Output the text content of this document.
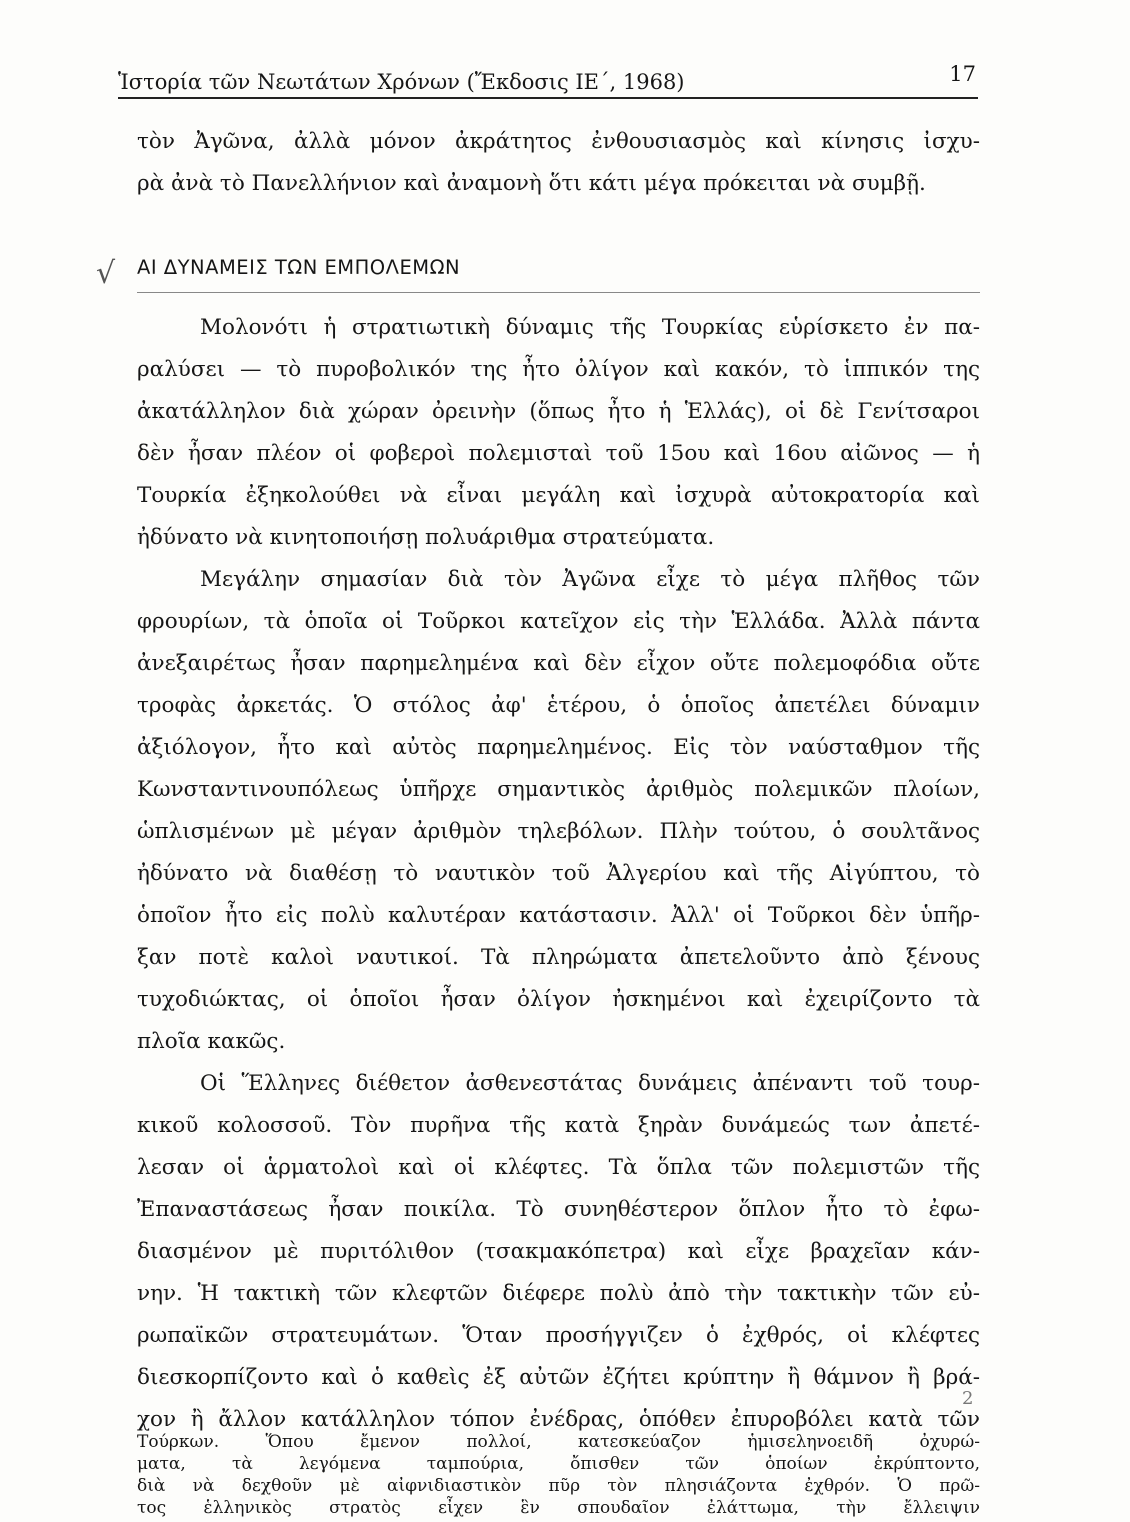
Ἱστορία τῶν Νεωτάτων Χρόνων (Ἔκδοσις ΙΕ΄, 1968)	17
τὸν Ἀγῶνα, ἀλλὰ μόνον ἀκράτητος ἐνθουσιασμὸς καὶ κίνησις ἰσχυ-
ρὰ ἀνὰ τὸ Πανελλήνιον καὶ ἀναμονὴ ὅτι κάτι μέγα πρόκειται νὰ συμβῇ.
√ ΑΙ ΔΥΝΑΜΕΙΣ ΤΩΝ ΕΜΠΟΛΕΜΩΝ
Μολονότι ἡ στρατιωτικὴ δύναμις τῆς Τουρκίας εὑρίσκετο ἐν πα-
ραλύσει — τὸ πυροβολικόν της ἦτο ὀλίγον καὶ κακόν, τὸ ἱππικόν της
ἀκατάλληλον διὰ χώραν ὀρεινὴν (ὅπως ἦτο ἡ Ἑλλάς), οἱ δὲ Γενίτσαροι
δὲν ἦσαν πλέον οἱ φοβεροὶ πολεμισταὶ τοῦ 15ου καὶ 16ου αἰῶνος — ἡ
Τουρκία ἐξηκολούθει νὰ εἶναι μεγάλη καὶ ἰσχυρὰ αὐτοκρατορία καὶ
ἠδύνατο νὰ κινητοποιήσῃ πολυάριθμα στρατεύματα.
Μεγάλην σημασίαν διὰ τὸν Ἀγῶνα εἶχε τὸ μέγα πλῆθος τῶν
φρουρίων, τὰ ὁποῖα οἱ Τοῦρκοι κατεῖχον εἰς τὴν Ἑλλάδα. Ἀλλὰ πάντα
ἀνεξαιρέτως ἦσαν παρημελημένα καὶ δὲν εἶχον οὔτε πολεμοφόδια οὔτε
τροφὰς ἀρκετάς. Ὁ στόλος ἀφ' ἑτέρου, ὁ ὁποῖος ἀπετέλει δύναμιν
ἀξιόλογον, ἦτο καὶ αὐτὸς παρημελημένος. Εἰς τὸν ναύσταθμον τῆς
Κωνσταντινουπόλεως ὑπῆρχε σημαντικὸς ἀριθμὸς πολεμικῶν πλοίων,
ὡπλισμένων μὲ μέγαν ἀριθμὸν τηλεβόλων. Πλὴν τούτου, ὁ σουλτᾶνος
ἠδύνατο νὰ διαθέσῃ τὸ ναυτικὸν τοῦ Ἀλγερίου καὶ τῆς Αἰγύπτου, τὸ
ὁποῖον ἦτο εἰς πολὺ καλυτέραν κατάστασιν. Ἀλλ' οἱ Τοῦρκοι δὲν ὑπῆρ-
ξαν ποτὲ καλοὶ ναυτικοί. Τὰ πληρώματα ἀπετελοῦντο ἀπὸ ξένους
τυχοδιώκτας, οἱ ὁποῖοι ἦσαν ὀλίγον ἠσκημένοι καὶ ἐχειρίζοντο τὰ
πλοῖα κακῶς.
Οἱ Ἕλληνες διέθετον ἀσθενεστάτας δυνάμεις ἀπέναντι τοῦ τουρ-
κικοῦ κολοσσοῦ. Τὸν πυρῆνα τῆς κατὰ ξηρὰν δυνάμεώς των ἀπετέ-
λεσαν οἱ ἁρματολοὶ καὶ οἱ κλέφτες. Τὰ ὅπλα τῶν πολεμιστῶν τῆς
Ἐπαναστάσεως ἦσαν ποικίλα. Τὸ συνηθέστερον ὅπλον ἦτο τὸ ἐφω-
διασμένον μὲ πυριτόλιθον (τσακμακόπετρα) καὶ εἶχε βραχεῖαν κάν-
νην. Ἡ τακτικὴ τῶν κλεφτῶν διέφερε πολὺ ἀπὸ τὴν τακτικὴν τῶν εὐ-
ρωπαϊκῶν στρατευμάτων. Ὅταν προσήγγιζεν ὁ ἐχθρός, οἱ κλέφτες
διεσκορπίζοντο καὶ ὁ καθεὶς ἐξ αὐτῶν ἐζήτει κρύπτην ἢ θάμνον ἢ βρά-
χον ἢ ἄλλον κατάλληλον τόπον ἐνέδρας, ὁπόθεν ἐπυροβόλει κατὰ τῶν
2
Τούρκων. Ὅπου ἔμενον πολλοί, κατεσκεύαζον ἡμισεληνοειδῆ ὀχυρώ-
ματα, τὰ λεγόμενα ταμπούρια, ὄπισθεν τῶν ὁποίων ἐκρύπτοντο,
διὰ νὰ δεχθοῦν μὲ αἰφνιδιαστικὸν πῦρ τὸν πλησιάζοντα ἐχθρόν. Ὁ πρῶ-
τος ἑλληνικὸς στρατὸς εἶχεν ἓν σπουδαῖον ἐλάττωμα, τὴν ἔλλειψιν
